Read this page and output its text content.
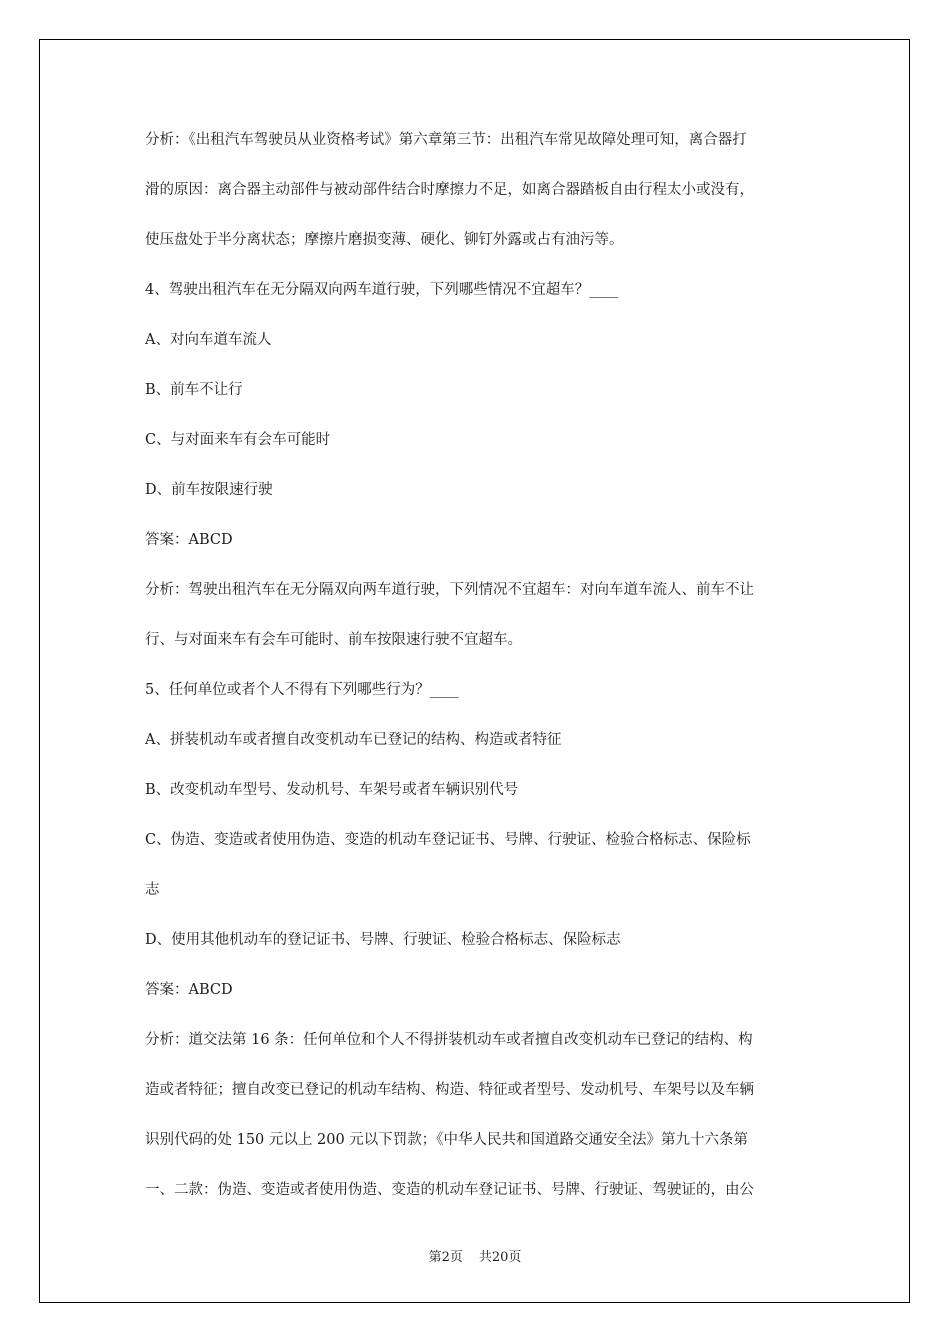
分析：《出租汽车驾驶员从业资格考试》第六章第三节：出租汽车常见故障处理可知，离合器打
滑的原因：离合器主动部件与被动部件结合时摩擦力不足，如离合器踏板自由行程太小或没有，
使压盘处于半分离状态；摩擦片磨损变薄、硬化、铆钉外露或占有油污等。
4、驾驶出租汽车在无分隔双向两车道行驶，下列哪些情况不宜超车？____
A、对向车道车流人
B、前车不让行
C、与对面来车有会车可能时
D、前车按限速行驶
答案：ABCD
分析：驾驶出租汽车在无分隔双向两车道行驶，下列情况不宜超车：对向车道车流人、前车不让
行、与对面来车有会车可能时、前车按限速行驶不宜超车。
5、任何单位或者个人不得有下列哪些行为？____
A、拼装机动车或者擅自改变机动车已登记的结构、构造或者特征
B、改变机动车型号、发动机号、车架号或者车辆识别代号
C、伪造、变造或者使用伪造、变造的机动车登记证书、号牌、行驶证、检验合格标志、保险标
志
D、使用其他机动车的登记证书、号牌、行驶证、检验合格标志、保险标志
答案：ABCD
分析：道交法第 16 条：任何单位和个人不得拼装机动车或者擅自改变机动车已登记的结构、构
造或者特征；擅自改变已登记的机动车结构、构造、特征或者型号、发动机号、车架号以及车辆
识别代码的处 150 元以上 200 元以下罚款；《中华人民共和国道路交通安全法》第九十六条第
一、二款：伪造、变造或者使用伪造、变造的机动车登记证书、号牌、行驶证、驾驶证的，由公
第2页 共20页
